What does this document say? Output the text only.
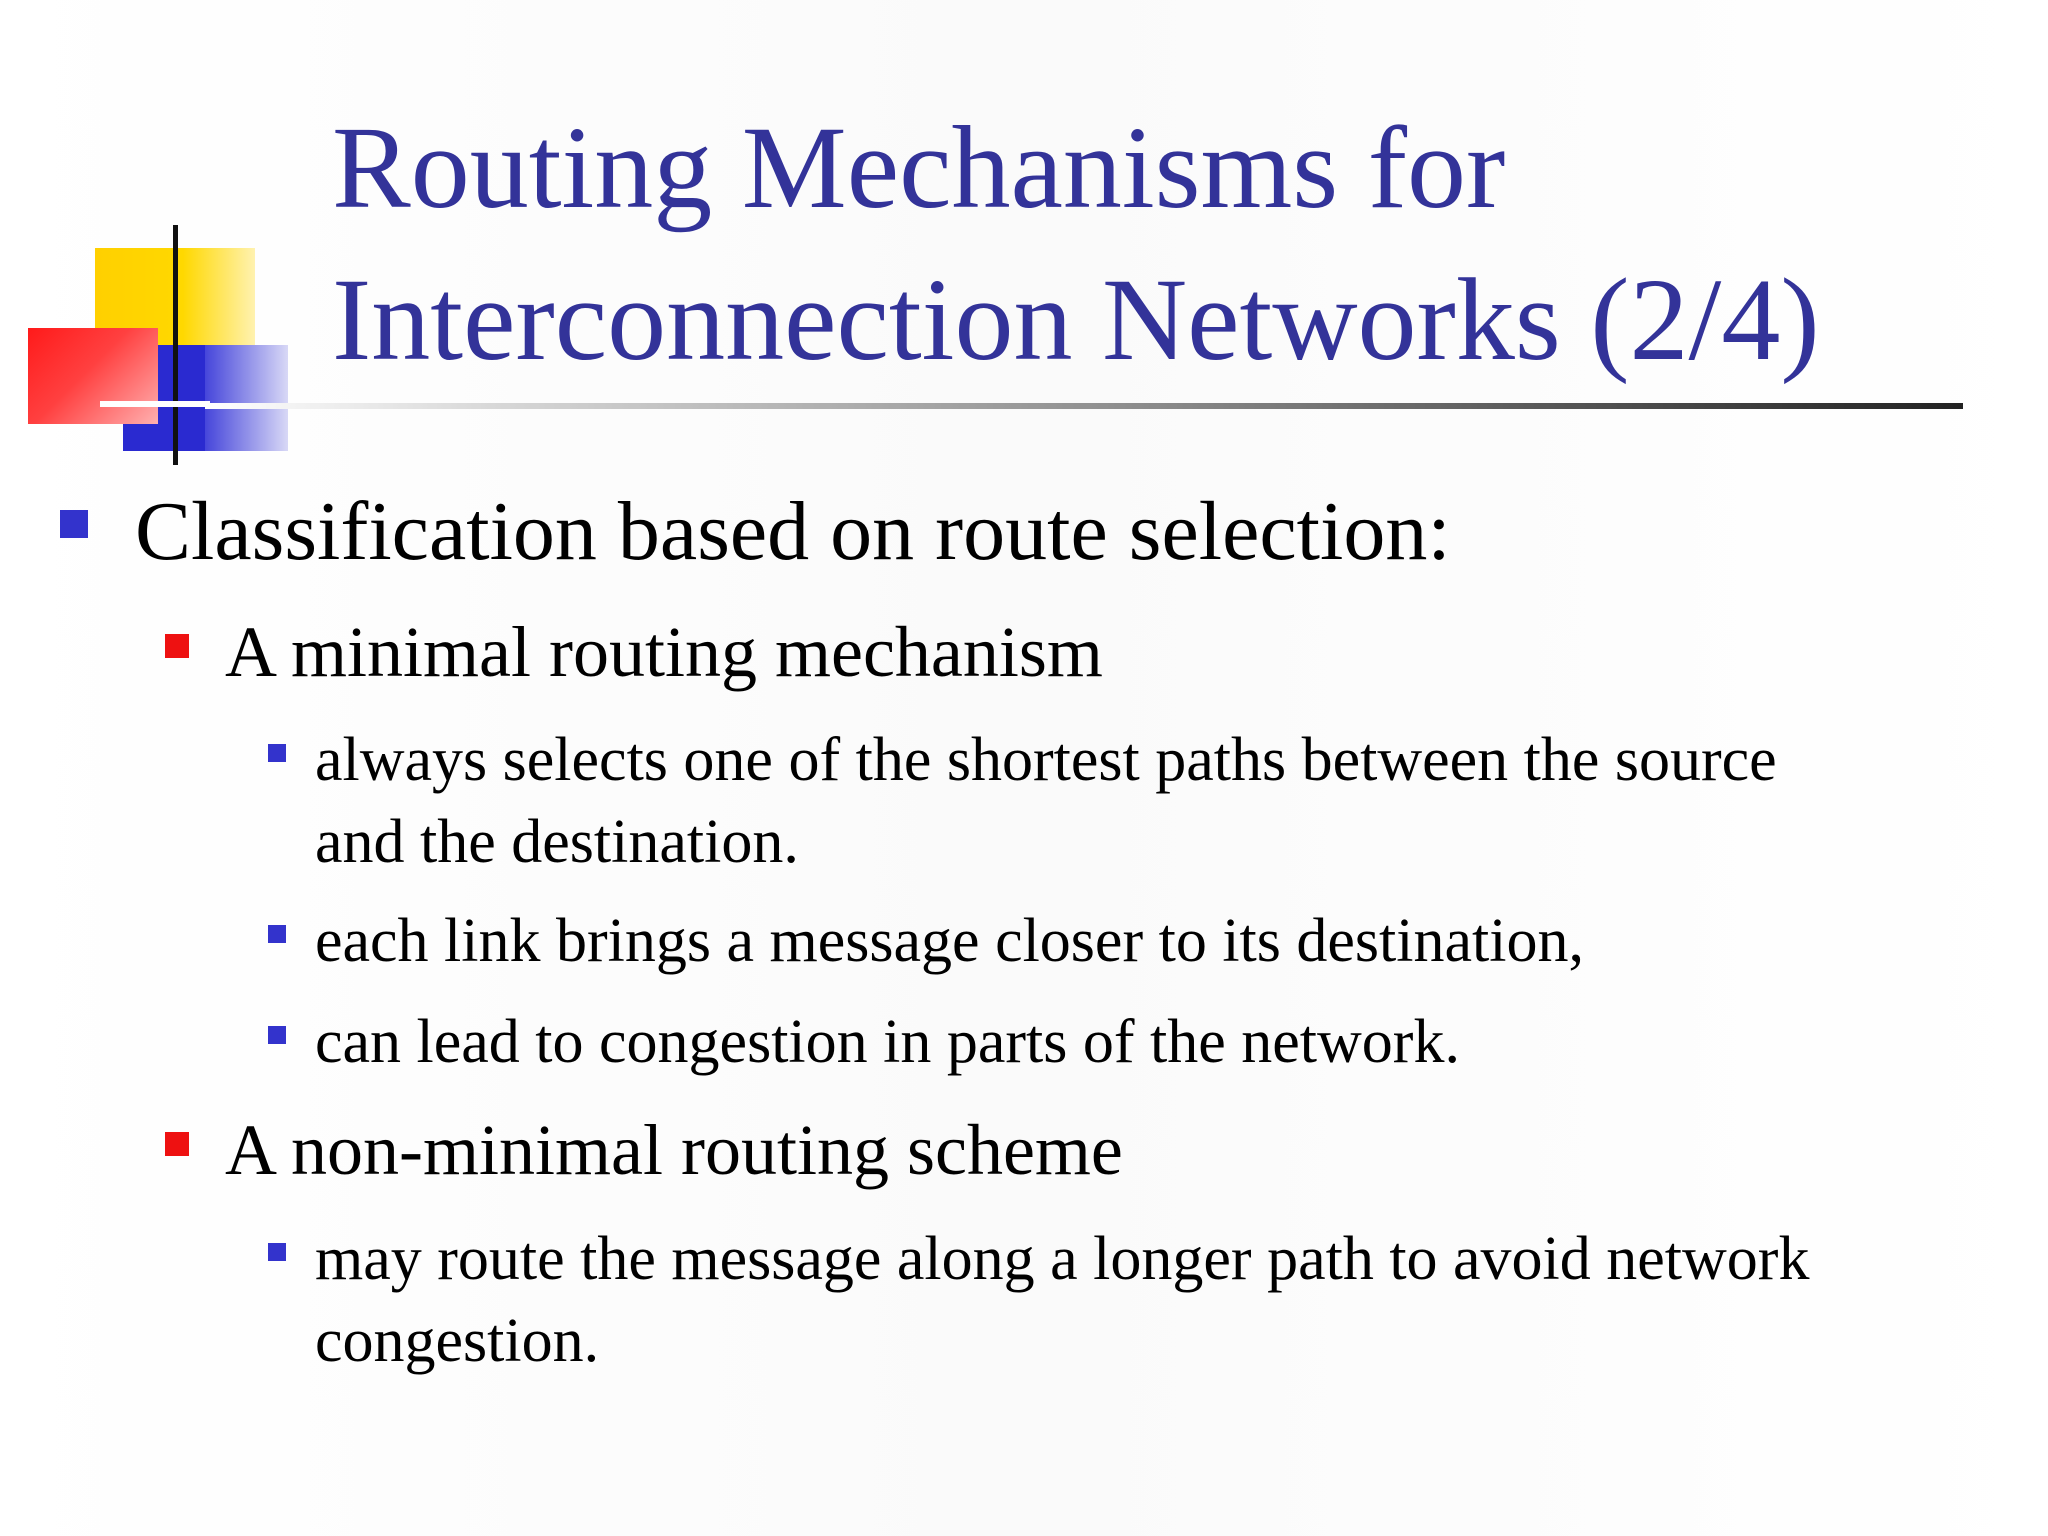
Routing Mechanisms for
Interconnection Networks (2/4)
Classification based on route selection:
A minimal routing mechanism
always selects one of the shortest paths between the source
and the destination.
each link brings a message closer to its destination,
can lead to congestion in parts of the network.
A non-minimal routing scheme
may route the message along a longer path to avoid network
congestion.
